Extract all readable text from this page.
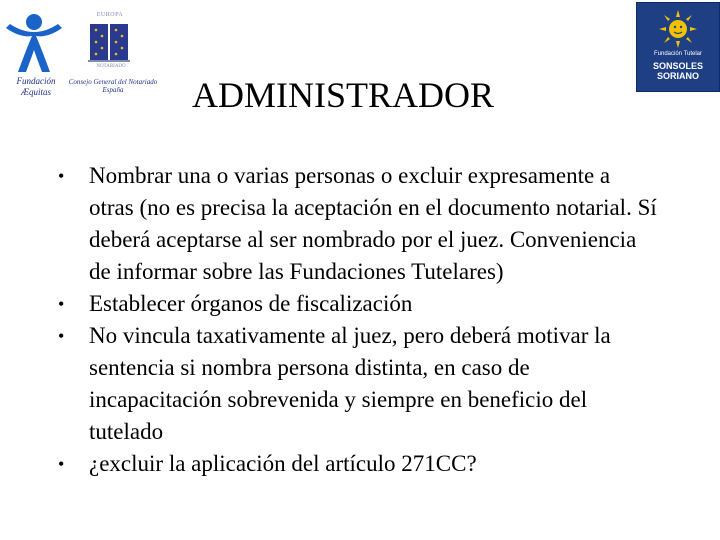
Fundación
Æquitas
EUROPA
NOTARIADO
Consejo General del Notariado
España
Fundación Tutelar
SONSOLES
SORIANO
ADMINISTRADOR
• Nombrar una o varias personas o excluir expresamente a otras (no es precisa la aceptación en el documento notarial. Sí deberá aceptarse al ser nombrado por el juez. Conveniencia de informar sobre las Fundaciones Tutelares)
• Establecer órganos de fiscalización
• No vincula taxativamente al juez, pero deberá motivar la sentencia si nombra persona distinta, en caso de incapacitación sobrevenida y siempre en beneficio del tutelado
• ¿excluir la aplicación del artículo 271CC?
